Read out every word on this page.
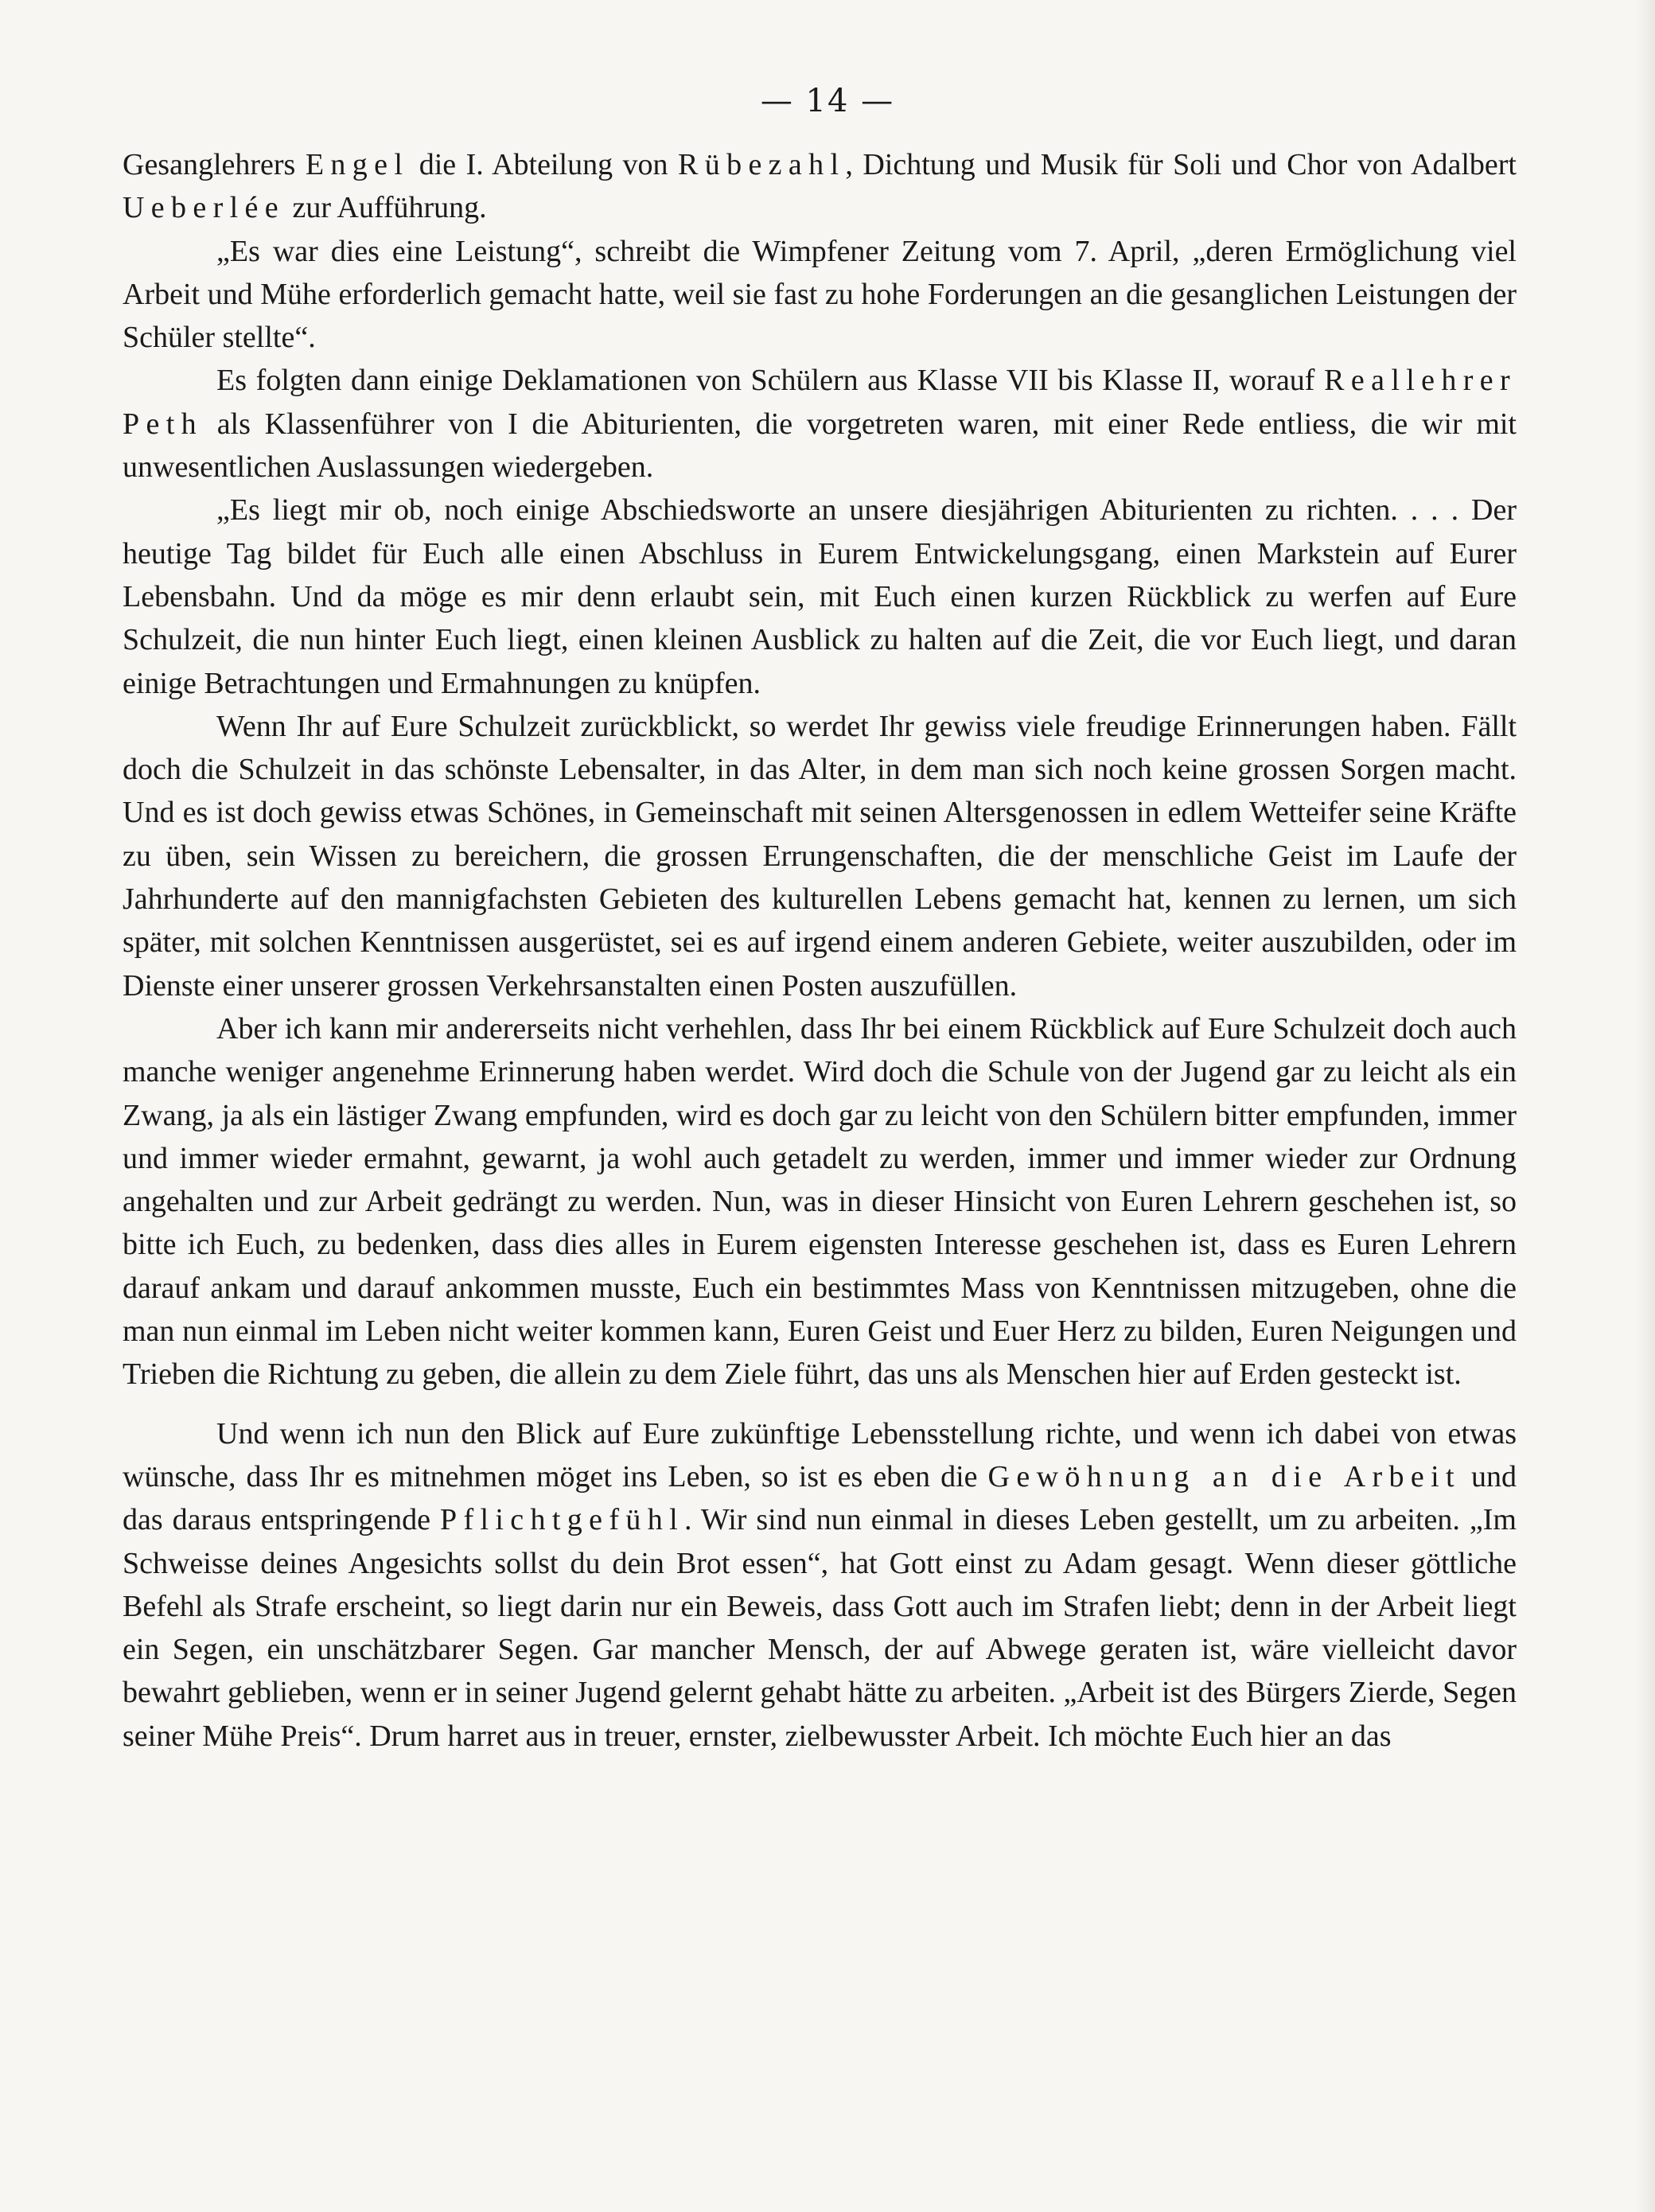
— 14 —

Gesanglehrers Engel die I. Abteilung von Rübezahl, Dichtung und Musik für Soli und Chor von Adalbert Ueberlée zur Aufführung.

„Es war dies eine Leistung“, schreibt die Wimpfener Zeitung vom 7. April, „deren Ermöglichung viel Arbeit und Mühe erforderlich gemacht hatte, weil sie fast zu hohe Forderungen an die gesanglichen Leistungen der Schüler stellte“.

Es folgten dann einige Deklamationen von Schülern aus Klasse VII bis Klasse II, worauf Reallehrer Peth als Klassenführer von I die Abiturienten, die vorgetreten waren, mit einer Rede entliess, die wir mit unwesentlichen Auslassungen wiedergeben.

„Es liegt mir ob, noch einige Abschiedsworte an unsere diesjährigen Abiturienten zu richten. . . . Der heutige Tag bildet für Euch alle einen Abschluss in Eurem Entwickelungsgang, einen Markstein auf Eurer Lebensbahn. Und da möge es mir denn erlaubt sein, mit Euch einen kurzen Rückblick zu werfen auf Eure Schulzeit, die nun hinter Euch liegt, einen kleinen Ausblick zu halten auf die Zeit, die vor Euch liegt, und daran einige Betrachtungen und Ermahnungen zu knüpfen.

Wenn Ihr auf Eure Schulzeit zurückblickt, so werdet Ihr gewiss viele freudige Erinnerungen haben. Fällt doch die Schulzeit in das schönste Lebensalter, in das Alter, in dem man sich noch keine grossen Sorgen macht. Und es ist doch gewiss etwas Schönes, in Gemeinschaft mit seinen Altersgenossen in edlem Wetteifer seine Kräfte zu üben, sein Wissen zu bereichern, die grossen Errungenschaften, die der menschliche Geist im Laufe der Jahrhunderte auf den mannigfachsten Gebieten des kulturellen Lebens gemacht hat, kennen zu lernen, um sich später, mit solchen Kenntnissen ausgerüstet, sei es auf irgend einem anderen Gebiete, weiter auszubilden, oder im Dienste einer unserer grossen Verkehrsanstalten einen Posten auszufüllen.

Aber ich kann mir andererseits nicht verhehlen, dass Ihr bei einem Rückblick auf Eure Schulzeit doch auch manche weniger angenehme Erinnerung haben werdet. Wird doch die Schule von der Jugend gar zu leicht als ein Zwang, ja als ein lästiger Zwang empfunden, wird es doch gar zu leicht von den Schülern bitter empfunden, immer und immer wieder ermahnt, gewarnt, ja wohl auch getadelt zu werden, immer und immer wieder zur Ordnung angehalten und zur Arbeit gedrängt zu werden. Nun, was in dieser Hinsicht von Euren Lehrern geschehen ist, so bitte ich Euch, zu bedenken, dass dies alles in Eurem eigensten Interesse geschehen ist, dass es Euren Lehrern darauf ankam und darauf ankommen musste, Euch ein bestimmtes Mass von Kenntnissen mitzugeben, ohne die man nun einmal im Leben nicht weiter kommen kann, Euren Geist und Euer Herz zu bilden, Euren Neigungen und Trieben die Richtung zu geben, die allein zu dem Ziele führt, das uns als Menschen hier auf Erden gesteckt ist.

Und wenn ich nun den Blick auf Eure zukünftige Lebensstellung richte, und wenn ich dabei von etwas wünsche, dass Ihr es mitnehmen möget ins Leben, so ist es eben die Gewöhnung an die Arbeit und das daraus entspringende Pflichtgefühl. Wir sind nun einmal in dieses Leben gestellt, um zu arbeiten. „Im Schweisse deines Angesichts sollst du dein Brot essen“, hat Gott einst zu Adam gesagt. Wenn dieser göttliche Befehl als Strafe erscheint, so liegt darin nur ein Beweis, dass Gott auch im Strafen liebt; denn in der Arbeit liegt ein Segen, ein unschätzbarer Segen. Gar mancher Mensch, der auf Abwege geraten ist, wäre vielleicht davor bewahrt geblieben, wenn er in seiner Jugend gelernt gehabt hätte zu arbeiten. „Arbeit ist des Bürgers Zierde, Segen seiner Mühe Preis“. Drum harret aus in treuer, ernster, zielbewusster Arbeit. Ich möchte Euch hier an das
